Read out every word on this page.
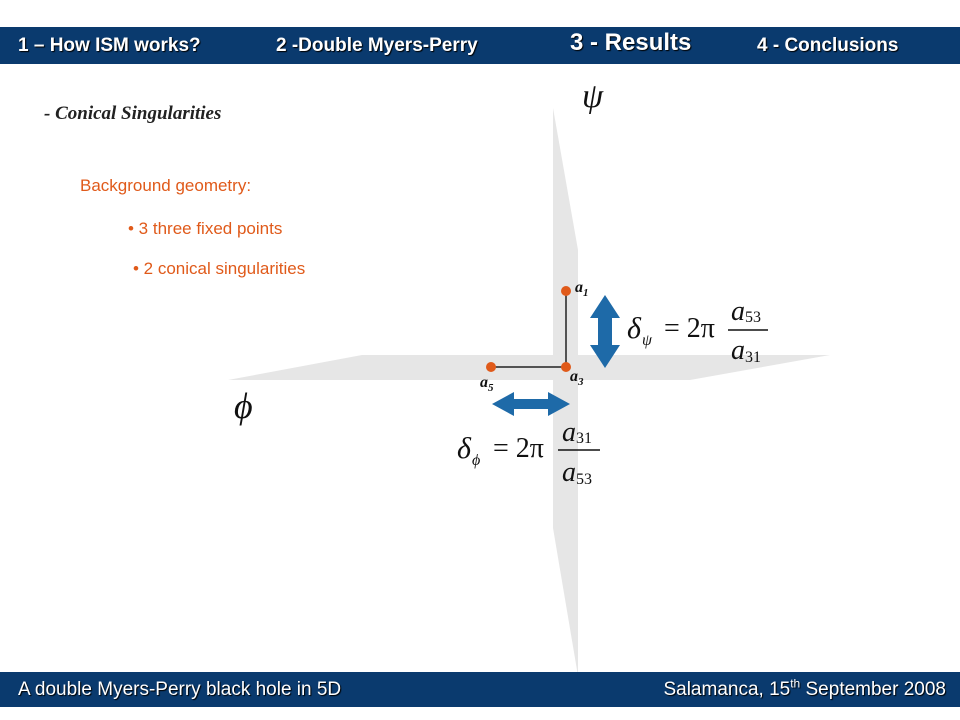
1 – How ISM works?	2 -Double Myers-Perry	3 - Results	4 - Conclusions
- Conical Singularities
Background geometry:
• 3 three fixed points
• 2 conical singularities
ψ
ϕ
δ ψ = 2π
a 53
a 31
δ ϕ = 2π
a 31
a 53
$a_1$
$a_3$
$a_5$
A double Myers-Perry black hole in 5D	Salamanca, 15th September 2008
